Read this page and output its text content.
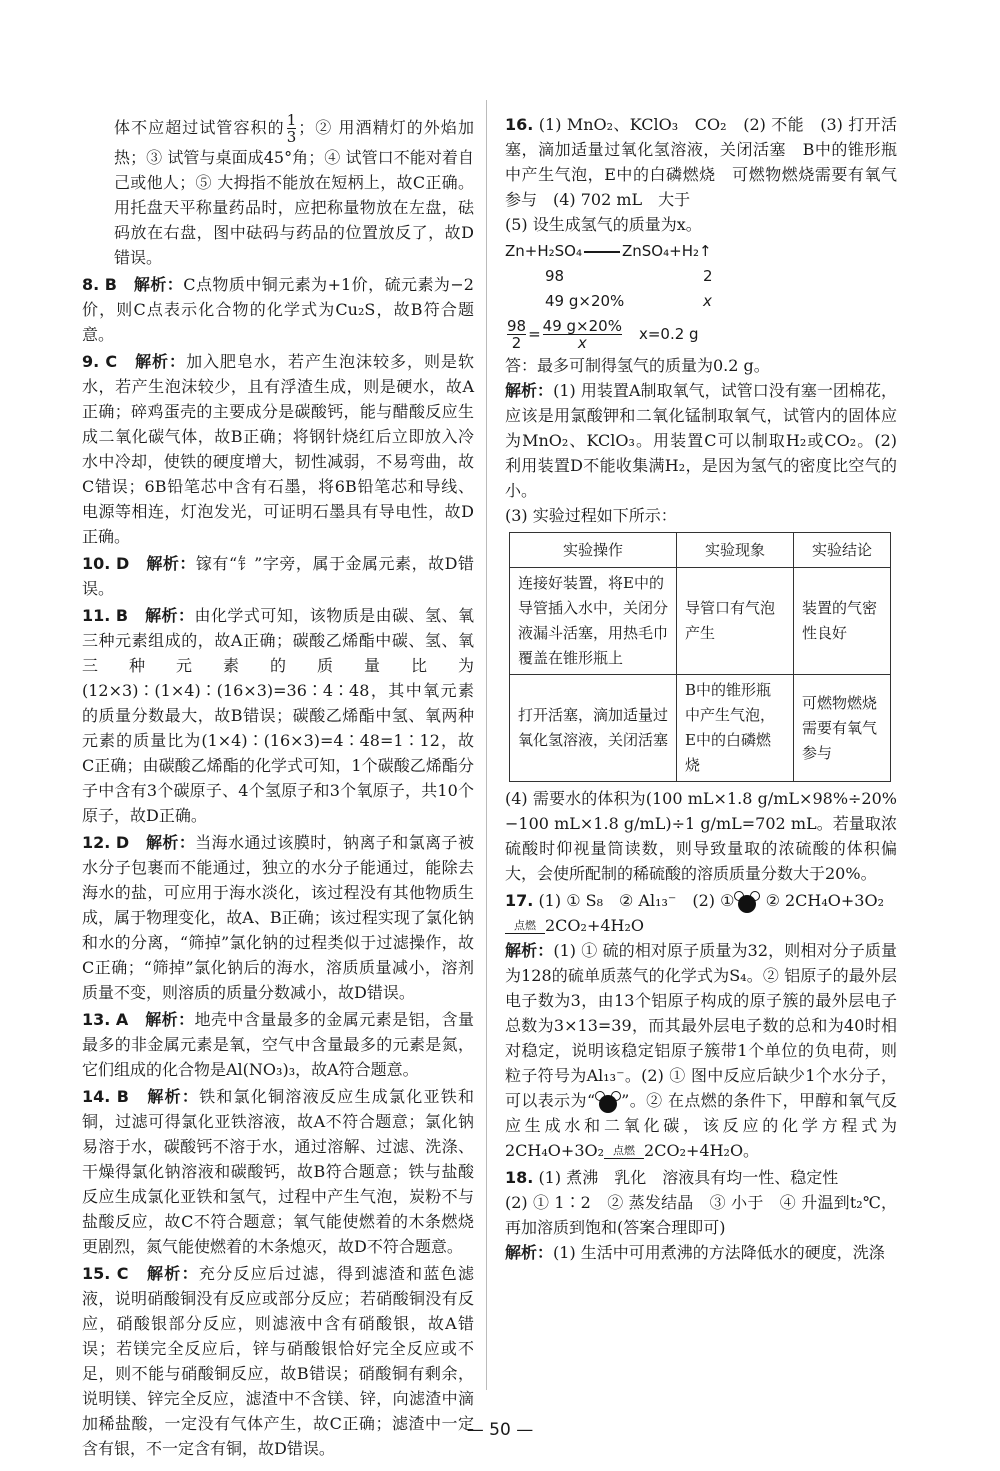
体不应超过试管容积的 $\frac{1}{3}$ ；② 用酒精灯的外焰加热；③ 试管与桌面成45°角；④ 试管口不能对着自己或他人；⑤ 大拇指不能放在短柄上，故C正确。用托盘天平称量药品时，应把称量物放在左盘，砝码放在右盘，图中砝码与药品的位置放反了，故D错误。

8. B　 解析：C点物质中铜元素为+1价，硫元素为−2价，则C点表示化合物的化学式为Cu₂S，故B符合题意。

9. C　 解析：加入肥皂水，若产生泡沫较多，则是软水，若产生泡沫较少，且有浮渣生成，则是硬水，故A正确；碎鸡蛋壳的主要成分是碳酸钙，能与醋酸反应生成二氧化碳气体，故B正确；将钢针烧红后立即放入冷水中冷却，使铁的硬度增大，韧性减弱，不易弯曲，故C错误；6B铅笔芯中含有石墨，将6B铅笔芯和导线、电源等相连，灯泡发光，可证明石墨具有导电性，故D正确。

10. D　 解析：镓有“钅”字旁，属于金属元素，故D错误。

11. B　 解析：由化学式可知，该物质是由碳、氢、氧三种元素组成的，故A正确；碳酸乙烯酯中碳、氢、氧三种元素的质量比为(12×3)∶(1×4)∶(16×3)=36∶4∶48，其中氧元素的质量分数最大，故B错误；碳酸乙烯酯中氢、氧两种元素的质量比为(1×4)∶(16×3)=4∶48=1∶12，故C正确；由碳酸乙烯酯的化学式可知，1个碳酸乙烯酯分子中含有3个碳原子、4个氢原子和3个氧原子，共10个原子，故D正确。

12. D　 解析：当海水通过该膜时，钠离子和氯离子被水分子包裹而不能通过，独立的水分子能通过，能除去海水的盐，可应用于海水淡化，该过程没有其他物质生成，属于物理变化，故A、B正确；该过程实现了氯化钠和水的分离，“筛掉”氯化钠的过程类似于过滤操作，故C正确；“筛掉”氯化钠后的海水，溶质质量减小，溶剂质量不变，则溶质的质量分数减小，故D错误。

13. A　 解析：地壳中含量最多的金属元素是铝，含量最多的非金属元素是氧，空气中含量最多的元素是氮，它们组成的化合物是Al(NO₃)₃，故A符合题意。

14. B　 解析：铁和氯化铜溶液反应生成氯化亚铁和铜，过滤可得氯化亚铁溶液，故A不符合题意；氯化钠易溶于水，碳酸钙不溶于水，通过溶解、过滤、洗涤、干燥得氯化钠溶液和碳酸钙，故B符合题意；铁与盐酸反应生成氯化亚铁和氢气，过程中产生气泡，炭粉不与盐酸反应，故C不符合题意；氧气能使燃着的木条燃烧更剧烈，氮气能使燃着的木条熄灭，故D不符合题意。

15. C　 解析：充分反应后过滤，得到滤渣和蓝色滤液，说明硝酸铜没有反应或部分反应；若硝酸铜没有反应，硝酸银部分反应，则滤液中含有硝酸银，故A错误；若镁完全反应后，锌与硝酸银恰好完全反应或不足，则不能与硝酸铜反应，故B错误；硝酸铜有剩余，说明镁、锌完全反应，滤渣中不含镁、锌，向滤渣中滴加稀盐酸，一定没有气体产生，故C正确；滤渣中一定含有银，不一定含有铜，故D错误。

16. (1) MnO₂、KClO₃　CO₂　(2) 不能　(3) 打开活塞，滴加适量过氧化氢溶液，关闭活塞　B中的锥形瓶中产生气泡，E中的白磷燃烧　可燃物燃烧需要有氧气参与　(4) 702 mL　大于

(5) 设生成氢气的质量为x。

Zn+H₂SO₄	ZnSO₄+H₂↑
98	2
49 g×20%	x
$\frac{98}{2} = \frac{49 g\times 20\%}{x}$
　 x=0.2 g

答：最多可制得氢气的质量为0.2 g。

解析：(1) 用装置A制取氧气，试管口没有塞一团棉花，应该是用氯酸钾和二氧化锰制取氧气，试管内的固体应为MnO₂、KClO₃。用装置C可以制取H₂或CO₂。(2) 利用装置D不能收集满H₂，是因为氢气的密度比空气的小。

(3) 实验过程如下所示：

实验操作	实验现象	实验结论
连接好装置，将E中的导管插入水中，关闭分液漏斗活塞，用热毛巾覆盖在锥形瓶上	导管口有气泡产生	装置的气密性良好
打开活塞，滴加适量过氧化氢溶液，关闭活塞	B中的锥形瓶中产生气泡，E中的白磷燃烧	可燃物燃烧需要有氧气参与

(4) 需要水的体积为(100 mL×1.8 g/mL×98%÷20%−100 mL×1.8 g/mL)÷1 g/mL=702 mL。若量取浓硫酸时仰视量筒读数，则导致量取的浓硫酸的体积偏大，会使所配制的稀硫酸的溶质质量分数大于20%。

17. (1) ① S₈　② Al₁₃⁻　(2) ① ② 2CH₄O+3O₂

点燃 2CO₂+4H₂O

解析：(1) ① 硫的相对原子质量为32，则相对分子质量为128的硫单质蒸气的化学式为S₄。② 铝原子的最外层电子数为3，由13个铝原子构成的原子簇的最外层电子总数为3×13=39，而其最外层电子数的总和为40时相对稳定，说明该稳定铝原子簇带1个单位的负电荷，则粒子符号为Al₁₃⁻。(2) ① 图中反应后缺少1个水分子，可以表示为“ ”。② 在点燃的条件下，甲醇和氧气反应生成水和二氧化碳，该反应的化学方程式为2CH₄O+3O₂ 点燃 2CO₂+4H₂O。

18. (1) 煮沸　乳化　溶液具有均一性、稳定性

(2) ① 1∶2　② 蒸发结晶　③ 小于　④ 升温到t₂℃，再加溶质到饱和(答案合理即可)

解析：(1) 生活中可用煮沸的方法降低水的硬度，洗涤

— 50 —
